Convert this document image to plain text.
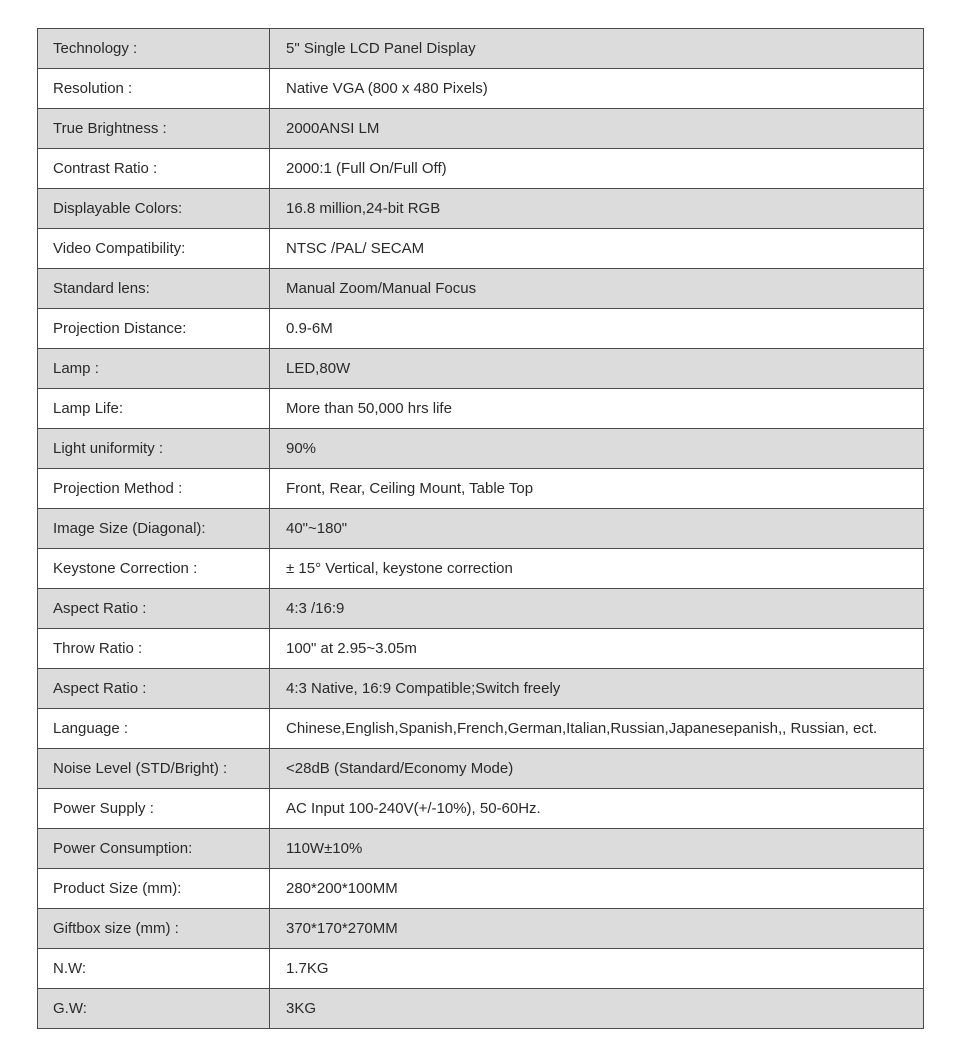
Technology :	5" Single LCD Panel Display
Resolution :	Native VGA (800 x 480 Pixels)
True Brightness :	2000ANSI LM
Contrast Ratio :	2000:1 (Full On/Full Off)
Displayable Colors:	16.8 million,24-bit RGB
Video Compatibility:	NTSC /PAL/ SECAM
Standard lens:	Manual Zoom/Manual Focus
Projection Distance:	0.9-6M
Lamp :	LED,80W
Lamp Life:	More than 50,000 hrs life
Light uniformity :	90%
Projection Method :	Front, Rear, Ceiling Mount, Table Top
Image Size (Diagonal):	40"~180"
Keystone Correction :	± 15° Vertical, keystone correction
Aspect Ratio :	4:3 /16:9
Throw Ratio :	100" at 2.95~3.05m
Aspect Ratio :	4:3 Native, 16:9 Compatible;Switch freely
Language :	Chinese,English,Spanish,French,German,Italian,Russian,Japanesepanish,, Russian, ect.
Noise Level (STD/Bright) :	<28dB (Standard/Economy Mode)
Power Supply :	AC Input 100-240V(+/-10%), 50-60Hz.
Power Consumption:	110W±10%
Product Size (mm):	280*200*100MM
Giftbox size (mm) :	370*170*270MM
N.W:	1.7KG
G.W:	3KG
